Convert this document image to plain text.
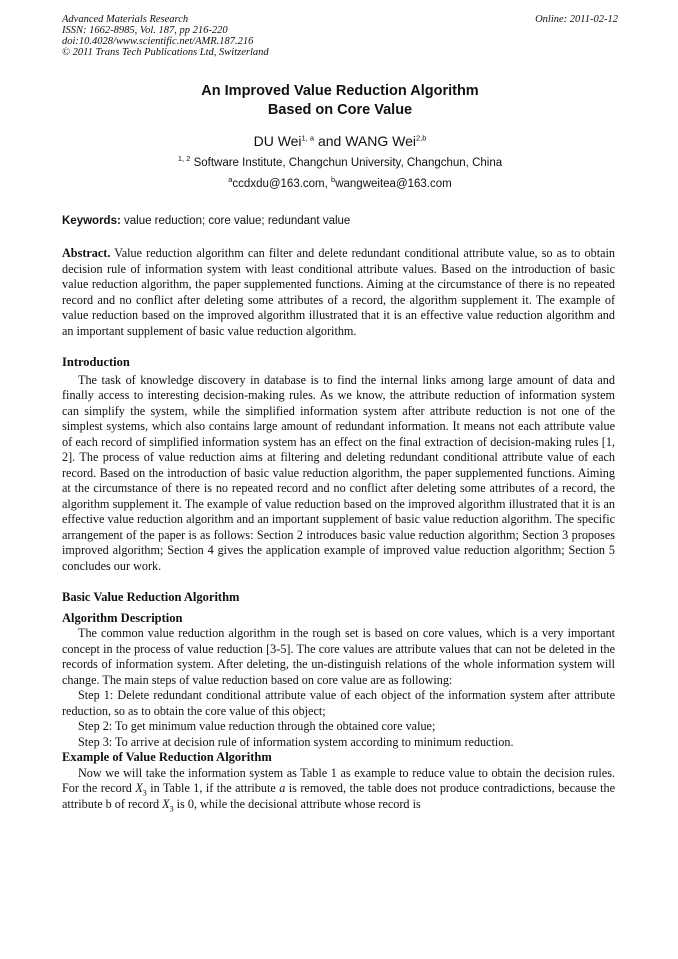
Advanced Materials Research
ISSN: 1662-8985, Vol. 187, pp 216-220
doi:10.4028/www.scientific.net/AMR.187.216
© 2011 Trans Tech Publications Ltd, Switzerland
Online: 2011-02-12
An Improved Value Reduction Algorithm
Based on Core Value
DU Wei$^{1, a}$ and WANG Wei$^{2,b}$
$^{1, 2}$ Software Institute, Changchun University, Changchun, China
$^a$ccdxdu@163.com, $^b$wangweitea@163.com
Keywords: value reduction; core value; redundant value

Abstract. Value reduction algorithm can filter and delete redundant conditional attribute value, so as to obtain decision rule of information system with least conditional attribute values. Based on the introduction of basic value reduction algorithm, the paper supplemented functions. Aiming at the circumstance of there is no repeated record and no conflict after deleting some attributes of a record, the algorithm supplement it. The example of value reduction based on the improved algorithm illustrated that it is an effective value reduction algorithm and an important supplement of basic value reduction algorithm.

Introduction

The task of knowledge discovery in database is to find the internal links among large amount of data and finally access to interesting decision-making rules. As we know, the attribute reduction of information system can simplify the system, while the simplified information system after attribute reduction is not one of the simplest systems, which also contains large amount of redundant information. It means not each attribute value of each record of simplified information system has an effect on the final extraction of decision-making rules [1, 2]. The process of value reduction aims at filtering and deleting redundant conditional attribute value of each record. Based on the introduction of basic value reduction algorithm, the paper supplemented functions. Aiming at the circumstance of there is no repeated record and no conflict after deleting some attributes of a record, the algorithm supplement it. The example of value reduction based on the improved algorithm illustrated that it is an effective value reduction algorithm and an important supplement of basic value reduction algorithm. The specific arrangement of the paper is as follows: Section 2 introduces basic value reduction algorithm; Section 3 proposes improved algorithm; Section 4 gives the application example of improved value reduction algorithm; Section 5 concludes our work.

Basic Value Reduction Algorithm
Algorithm Description

The common value reduction algorithm in the rough set is based on core values, which is a very important concept in the process of value reduction [3-5]. The core values are attribute values that can not be deleted in the records of information system. After deleting, the un-distinguish relations of the whole information system will change. The main steps of value reduction based on core value are as following:

Step 1: Delete redundant conditional attribute value of each object of the information system after attribute reduction, so as to obtain the core value of this object;

Step 2: To get minimum value reduction through the obtained core value;

Step 3: To arrive at decision rule of information system according to minimum reduction.

Example of Value Reduction Algorithm

Now we will take the information system as Table 1 as example to reduce value to obtain the decision rules. For the record $X_3$ in Table 1, if the attribute a is removed, the table does not produce contradictions, because the attribute b of record $X_3$ is 0, while the decisional attribute whose record is
